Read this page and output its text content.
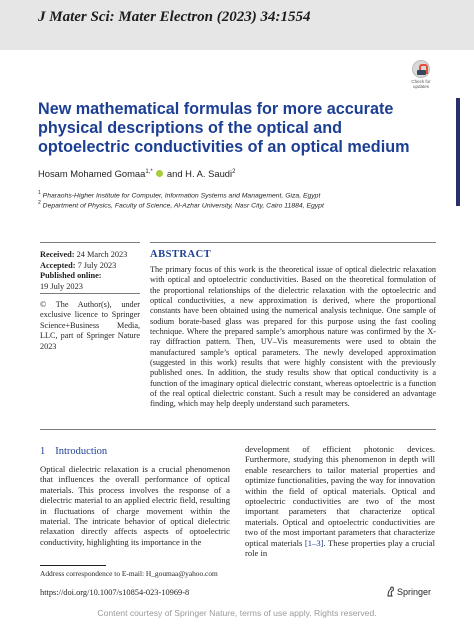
J Mater Sci: Mater Electron (2023) 34:1554
Check for updates
New mathematical formulas for more accurate physical descriptions of the optical and optoelectric conductivities of an optical medium
Hosam Mohamed Gomaa$^{1,*}$ and H. A. Saudi$^2$
$^1$ Pharaohs-Higher Institute for Computer, Information Systems and Management, Giza, Egypt
$^2$ Department of Physics, Faculty of Science, Al-Azhar University, Nasr City, Cairo 11884, Egypt
Received: 24 March 2023
Accepted: 7 July 2023
Published online:
19 July 2023
© The Author(s), under exclusive licence to Springer Science+Business Media, LLC, part of Springer Nature 2023
ABSTRACT
The primary focus of this work is the theoretical issue of optical dielectric relaxation with optical and optoelectric conductivities. Based on the theoretical formulation of the proportional relationships of the dielectric relaxation with the optoelectric and optical conductivities, a new approximation is derived, where the proportional constants have been obtained using the numerical analysis technique. One sample of sodium borate-based glass was prepared for this purpose using the fast cooling technique. Where the prepared sample’s amorphous nature was confirmed by the X-ray diffraction pattern. Then, UV–Vis measurements were used to obtain the manufactured sample’s optical parameters. The newly developed approximation (suggested in this work) results that were highly consistent with the previously published ones. In addition, the study results show that optical conductivity is a function of the imaginary optical dielectric constant, whereas optoelectric is a function of the real optical dielectric constant. Such a result may be considered an advantage finding, which may help deeply understand such parameters.
1 Introduction
Optical dielectric relaxation is a crucial phenomenon that influences the overall performance of optical materials. This process involves the response of a dielectric material to an applied electric field, resulting in fluctuations of charge movement within the material. The intricate behavior of optical dielectric relaxation directly affects aspects of optoelectric conductivity, highlighting its importance in the
development of efficient photonic devices. Furthermore, studying this phenomenon in depth will enable researchers to tailor material properties and optimize functionalities, paving the way for innovation within the field of optical materials. Optical and optoelectric conductivities are two of the most important parameters that characterize optical materials. Optical and optoelectric conductivities are two of the most important parameters that characterize optical materials [1–3]. These properties play a crucial role in
Address correspondence to E-mail: H_goumaa@yahoo.com
https://doi.org/10.1007/s10854-023-10969-8	Springer
Content courtesy of Springer Nature, terms of use apply. Rights reserved.
